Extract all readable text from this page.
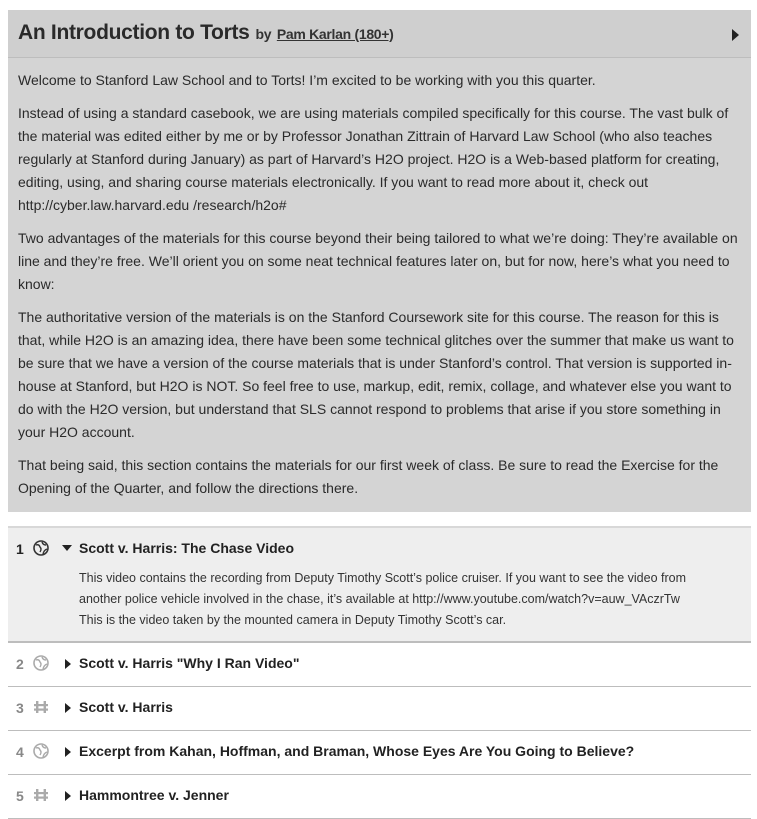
An Introduction to Torts by Pam Karlan (180+)

Welcome to Stanford Law School and to Torts! I’m excited to be working with you this quarter.

Instead of using a standard casebook, we are using materials compiled specifically for this course. The vast bulk of the material was edited either by me or by Professor Jonathan Zittrain of Harvard Law School (who also teaches regularly at Stanford during January) as part of Harvard’s H2O project. H2O is a Web-based platform for creating, editing, using, and sharing course materials electronically. If you want to read more about it, check out http://cyber.law.harvard.edu /research/h2o#

Two advantages of the materials for this course beyond their being tailored to what we’re doing: They’re available on line and they’re free. We’ll orient you on some neat technical features later on, but for now, here’s what you need to know:

The authoritative version of the materials is on the Stanford Coursework site for this course. The reason for this is that, while H2O is an amazing idea, there have been some technical glitches over the summer that make us want to be sure that we have a version of the course materials that is under Stanford’s control. That version is supported in-house at Stanford, but H2O is NOT. So feel free to use, markup, edit, remix, collage, and whatever else you want to do with the H2O version, but understand that SLS cannot respond to problems that arise if you store something in your H2O account.

That being said, this section contains the materials for our first week of class. Be sure to read the Exercise for the Opening of the Quarter, and follow the directions there.

1	Scott v. Harris: The Chase Video
This video contains the recording from Deputy Timothy Scott’s police cruiser. If you want to see the video from another police vehicle involved in the chase, it’s available at http://www.youtube.com/watch?v=auw_VAczrTw
This is the video taken by the mounted camera in Deputy Timothy Scott’s car.
2	Scott v. Harris "Why I Ran Video"
3	Scott v. Harris
4	Excerpt from Kahan, Hoffman, and Braman, Whose Eyes Are You Going to Believe?
5	Hammontree v. Jenner
